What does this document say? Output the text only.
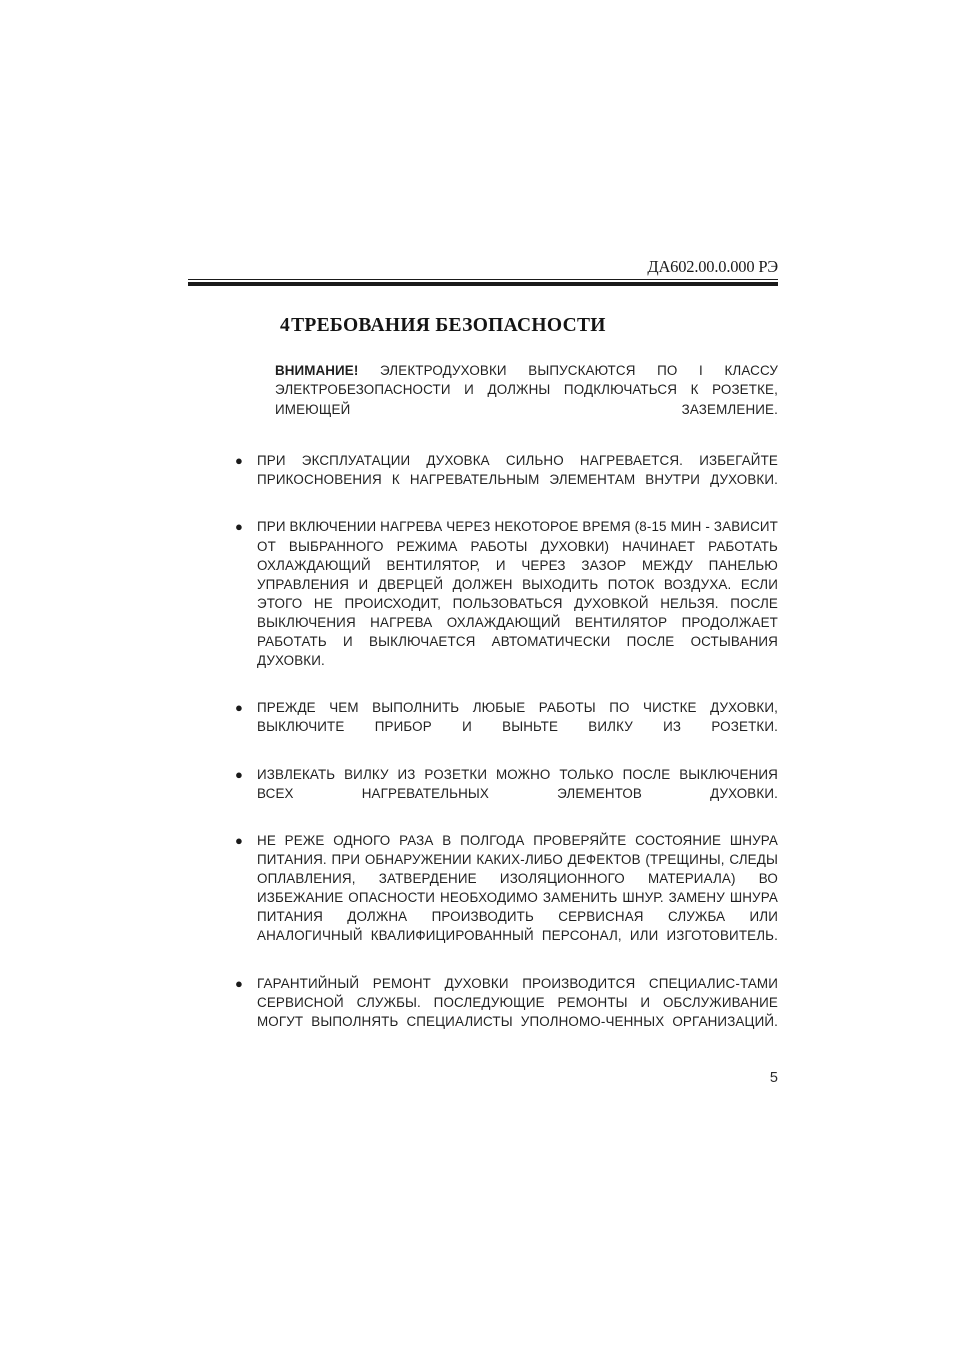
ДА602.00.0.000 РЭ
4ТРЕБОВАНИЯ БЕЗОПАСНОСТИ

ВНИМАНИЕ! ЭЛЕКТРОДУХОВКИ ВЫПУСКАЮТСЯ ПО I КЛАССУ ЭЛЕКТРОБЕЗОПАСНОСТИ И ДОЛЖНЫ ПОДКЛЮЧАТЬСЯ К РОЗЕТКЕ, ИМЕЮЩЕЙ ЗАЗЕМЛЕНИЕ.

● ПРИ ЭКСПЛУАТАЦИИ ДУХОВКА СИЛЬНО НАГРЕВАЕТСЯ. ИЗБЕГАЙТЕ ПРИКОСНОВЕНИЯ К НАГРЕВАТЕЛЬНЫМ ЭЛЕМЕНТАМ ВНУТРИ ДУХОВКИ.
● ПРИ ВКЛЮЧЕНИИ НАГРЕВА ЧЕРЕЗ НЕКОТОРОЕ ВРЕМЯ (8-15 МИН - ЗАВИСИТ ОТ ВЫБРАННОГО РЕЖИМА РАБОТЫ ДУХОВКИ) НАЧИНАЕТ РАБОТАТЬ ОХЛАЖДАЮЩИЙ ВЕНТИЛЯТОР, И ЧЕРЕЗ ЗАЗОР МЕЖДУ ПАНЕЛЬЮ УПРАВЛЕНИЯ И ДВЕРЦЕЙ ДОЛЖЕН ВЫХОДИТЬ ПОТОК ВОЗДУХА. ЕСЛИ ЭТОГО НЕ ПРОИСХОДИТ, ПОЛЬЗОВАТЬСЯ ДУХОВКОЙ НЕЛЬЗЯ. ПОСЛЕ ВЫКЛЮЧЕНИЯ НАГРЕВА ОХЛАЖДАЮЩИЙ ВЕНТИЛЯТОР ПРОДОЛЖАЕТ РАБОТАТЬ И ВЫКЛЮЧАЕТСЯ АВТОМАТИЧЕСКИ ПОСЛЕ ОСТЫВАНИЯ ДУХОВКИ.
● ПРЕЖДЕ ЧЕМ ВЫПОЛНИТЬ ЛЮБЫЕ РАБОТЫ ПО ЧИСТКЕ ДУХОВКИ, ВЫКЛЮЧИТЕ ПРИБОР И ВЫНЬТЕ ВИЛКУ ИЗ РОЗЕТКИ.
● ИЗВЛЕКАТЬ ВИЛКУ ИЗ РОЗЕТКИ МОЖНО ТОЛЬКО ПОСЛЕ ВЫКЛЮЧЕНИЯ ВСЕХ НАГРЕВАТЕЛЬНЫХ ЭЛЕМЕНТОВ ДУХОВКИ.
● НЕ РЕЖЕ ОДНОГО РАЗА В ПОЛГОДА ПРОВЕРЯЙТЕ СОСТОЯНИЕ ШНУРА ПИТАНИЯ. ПРИ ОБНАРУЖЕНИИ КАКИХ-ЛИБО ДЕФЕКТОВ (ТРЕЩИНЫ, СЛЕДЫ ОПЛАВЛЕНИЯ, ЗАТВЕРДЕНИЕ ИЗОЛЯЦИОННОГО МАТЕРИАЛА) ВО ИЗБЕЖАНИЕ ОПАСНОСТИ НЕОБХОДИМО ЗАМЕНИТЬ ШНУР. ЗАМЕНУ ШНУРА ПИТАНИЯ ДОЛЖНА ПРОИЗВОДИТЬ СЕРВИСНАЯ СЛУЖБА ИЛИ АНАЛОГИЧНЫЙ КВАЛИФИЦИРОВАННЫЙ ПЕРСОНАЛ, ИЛИ ИЗГОТОВИТЕЛЬ.
● ГАРАНТИЙНЫЙ РЕМОНТ ДУХОВКИ ПРОИЗВОДИТСЯ СПЕЦИАЛИС-ТАМИ СЕРВИСНОЙ СЛУЖБЫ. ПОСЛЕДУЮЩИЕ РЕМОНТЫ И ОБСЛУЖИВАНИЕ МОГУТ ВЫПОЛНЯТЬ СПЕЦИАЛИСТЫ УПОЛНОМО-ЧЕННЫХ ОРГАНИЗАЦИЙ.
5
